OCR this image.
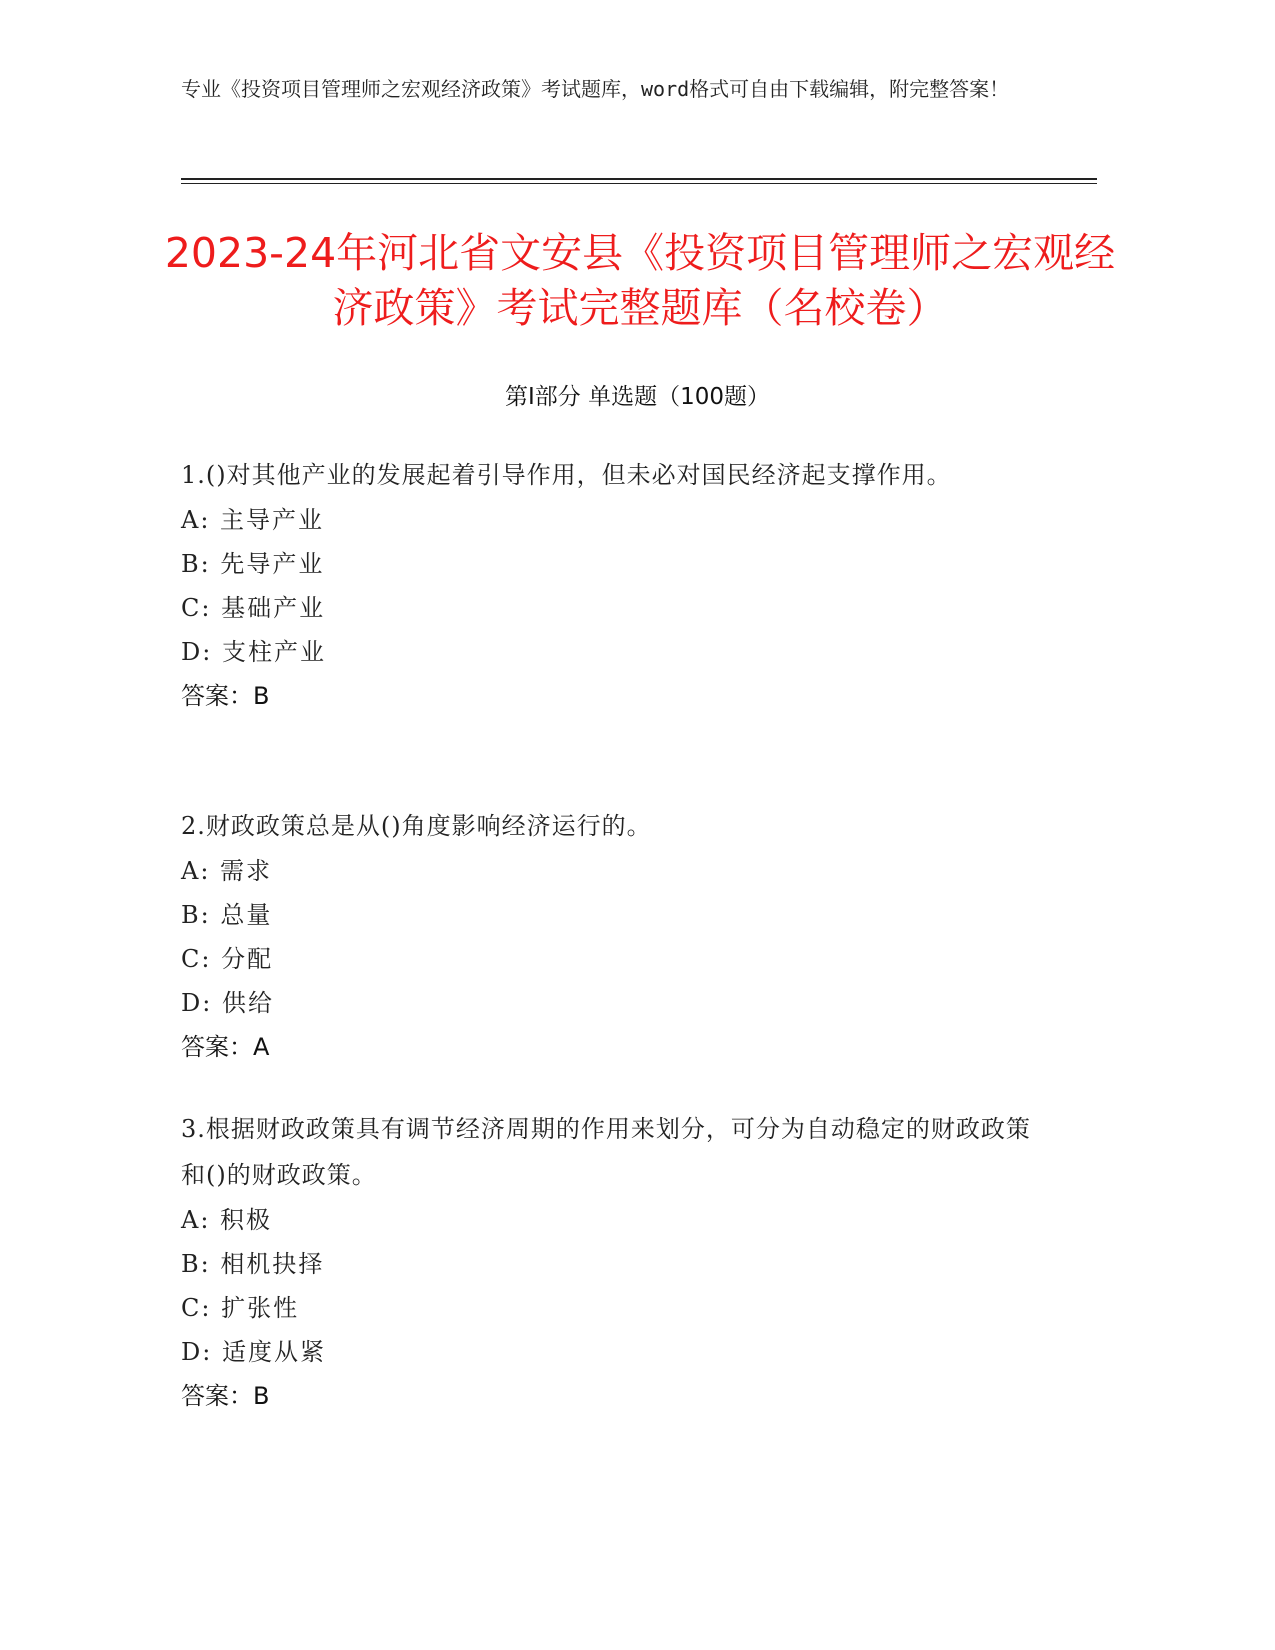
专业《投资项目管理师之宏观经济政策》考试题库，word格式可自由下载编辑，附完整答案！
2023-24年河北省文安县《投资项目管理师之宏观经济政策》考试完整题库（名校卷）
第I部分 单选题（100题）
1.()对其他产业的发展起着引导作用，但未必对国民经济起支撑作用。
A: 主导产业
B: 先导产业
C: 基础产业
D: 支柱产业
答案：B
2.财政政策总是从()角度影响经济运行的。
A: 需求
B: 总量
C: 分配
D: 供给
答案：A
3.根据财政政策具有调节经济周期的作用来划分，可分为自动稳定的财政政策和()的财政政策。
A: 积极
B: 相机抉择
C: 扩张性
D: 适度从紧
答案：B
